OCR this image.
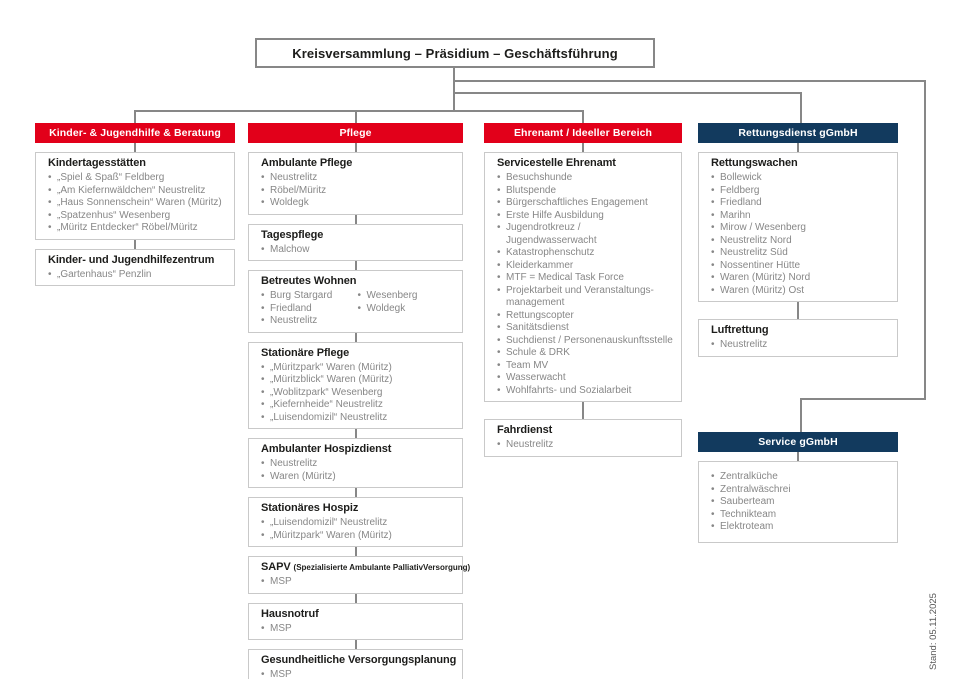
Kreisversammlung – Präsidium – Geschäftsführung
Kinder- & Jugendhilfe & Beratung
Kindertagesstätten
• „Spiel & Spaß“ Feldberg
• „Am Kiefernwäldchen“ Neustrelitz
• „Haus Sonnenschein“ Waren (Müritz)
• „Spatzenhus“ Wesenberg
• „Müritz Entdecker“ Röbel/Müritz
Kinder- und Jugendhilfezentrum
• „Gartenhaus“ Penzlin
Pflege
Ambulante Pflege
• Neustrelitz
• Röbel/Müritz
• Woldegk
Tagespflege
• Malchow
Betreutes Wohnen
• Burg Stargard
• Friedland
• Neustrelitz
• Wesenberg
• Woldegk
Stationäre Pflege
• „Müritzpark“ Waren (Müritz)
• „Müritzblick“ Waren (Müritz)
• „Woblitzpark“ Wesenberg
• „Kiefernheide“ Neustrelitz
• „Luisendomizil“ Neustrelitz
Ambulanter Hospizdienst
• Neustrelitz
• Waren (Müritz)
Stationäres Hospiz
• „Luisendomizil“ Neustrelitz
• „Müritzpark“ Waren (Müritz)
SAPV (Spezialisierte Ambulante PalliativVersorgung)
• MSP
Hausnotruf
• MSP
Gesundheitliche Versorgungsplanung
• MSP
Ehrenamt / Ideeller Bereich
Servicestelle Ehrenamt
• Besuchshunde
• Blutspende
• Bürgerschaftliches Engagement
• Erste Hilfe Ausbildung
• Jugendrotkreuz / Jugendwasserwacht
• Katastrophenschutz
• Kleiderkammer
• MTF = Medical Task Force
• Projektarbeit und Veranstaltungs-management
• Rettungscopter
• Sanitätsdienst
• Suchdienst / Personenauskunftsstelle
• Schule & DRK
• Team MV
• Wasserwacht
• Wohlfahrts- und Sozialarbeit
Fahrdienst
• Neustrelitz
Rettungsdienst gGmbH
Rettungswachen
• Bollewick
• Feldberg
• Friedland
• Marihn
• Mirow / Wesenberg
• Neustrelitz Nord
• Neustrelitz Süd
• Nossentiner Hütte
• Waren (Müritz) Nord
• Waren (Müritz) Ost
Luftrettung
• Neustrelitz
Service gGmbH
• Zentralküche
• Zentralwäschrei
• Sauberteam
• Technikteam
• Elektroteam
Stand: 05.11.2025
